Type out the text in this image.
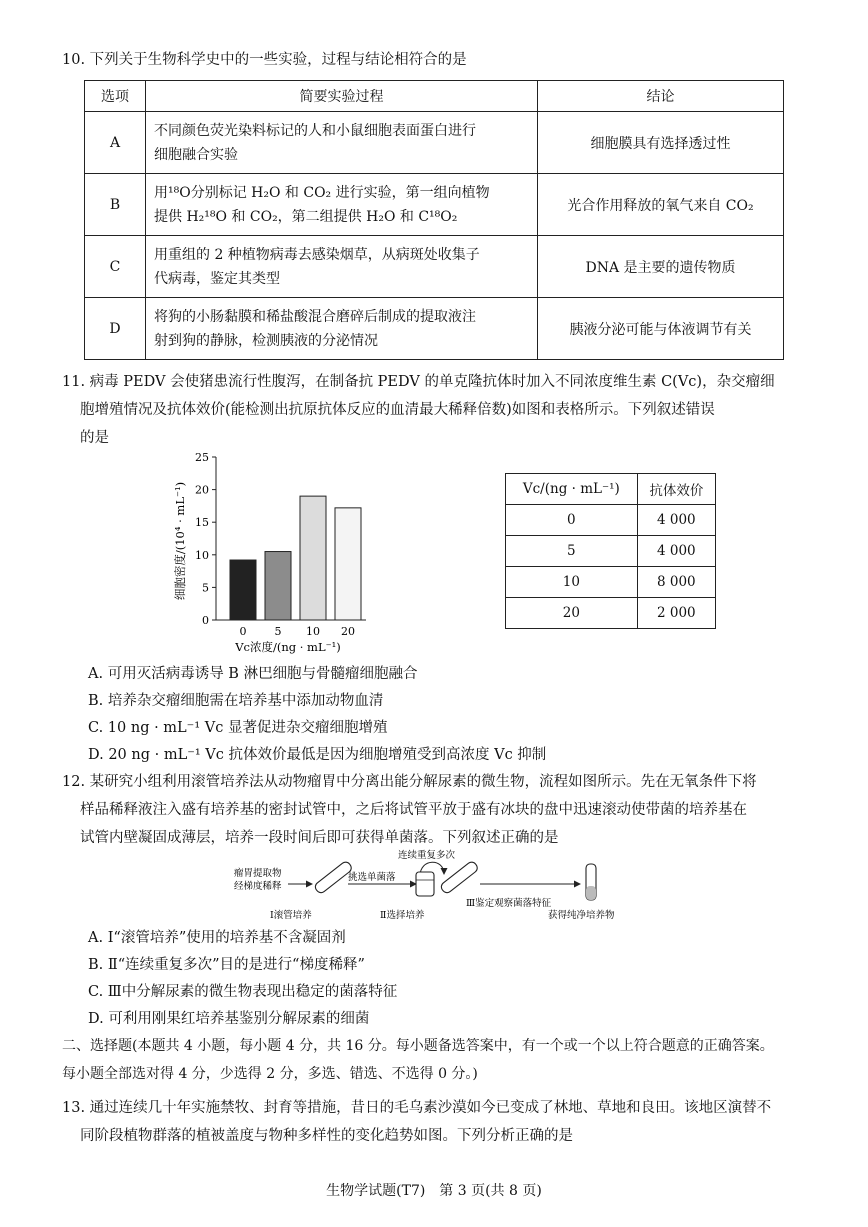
10. 下列关于生物科学史中的一些实验，过程与结论相符合的是
选项	简要实验过程	结论
A	不同颜色荧光染料标记的人和小鼠细胞表面蛋白进行
细胞融合实验	细胞膜具有选择透过性
B	用¹⁸O分别标记 H₂O 和 CO₂ 进行实验，第一组向植物
提供 H₂¹⁸O 和 CO₂，第二组提供 H₂O 和 C¹⁸O₂	光合作用释放的氧气来自 CO₂
C	用重组的 2 种植物病毒去感染烟草，从病斑处收集子
代病毒，鉴定其类型	DNA 是主要的遗传物质
D	将狗的小肠黏膜和稀盐酸混合磨碎后制成的提取液注
射到狗的静脉，检测胰液的分泌情况	胰液分泌可能与体液调节有关
11. 病毒 PEDV 会使猪患流行性腹泻，在制备抗 PEDV 的单克隆抗体时加入不同浓度维生素 C(Vc)，杂交瘤细
胞增殖情况及抗体效价(能检测出抗原抗体反应的血清最大稀释倍数)如图和表格所示。下列叙述错误
的是
细胞密度/(10⁴ · mL⁻¹)
0
5
10
15
20
25
0	5 10 20
Vc浓度/(ng · mL⁻¹)
Vc/(ng · mL⁻¹)	抗体效价
0	4 000
5	4 000
10	8 000
20	2 000
A. 可用灭活病毒诱导 B 淋巴细胞与骨髓瘤细胞融合
B. 培养杂交瘤细胞需在培养基中添加动物血清
C. 10 ng · mL⁻¹ Vc 显著促进杂交瘤细胞增殖
D. 20 ng · mL⁻¹ Vc 抗体效价最低是因为细胞增殖受到高浓度 Vc 抑制
12. 某研究小组利用滚管培养法从动物瘤胃中分离出能分解尿素的微生物，流程如图所示。先在无氧条件下将
样品稀释液注入盛有培养基的密封试管中，之后将试管平放于盛有冰块的盘中迅速滚动使带菌的培养基在
试管内壁凝固成薄层，培养一段时间后即可获得单菌落。下列叙述正确的是
瘤胃提取物
经梯度稀释
挑选单菌落
连续重复多次
Ⅰ滚管培养	Ⅱ选择培养
Ⅲ鉴定观察菌落特征
获得纯净培养物
A. Ⅰ“滚管培养”使用的培养基不含凝固剂
B. Ⅱ“连续重复多次”目的是进行“梯度稀释”
C. Ⅲ中分解尿素的微生物表现出稳定的菌落特征
D. 可利用刚果红培养基鉴别分解尿素的细菌
二、选择题(本题共 4 小题，每小题 4 分，共 16 分。每小题备选答案中，有一个或一个以上符合题意的正确答案。
每小题全部选对得 4 分，少选得 2 分，多选、错选、不选得 0 分。)
13. 通过连续几十年实施禁牧、封育等措施，昔日的毛乌素沙漠如今已变成了林地、草地和良田。该地区演替不
同阶段植物群落的植被盖度与物种多样性的变化趋势如图。下列分析正确的是
生物学试题(T7)　第 3 页(共 8 页)
